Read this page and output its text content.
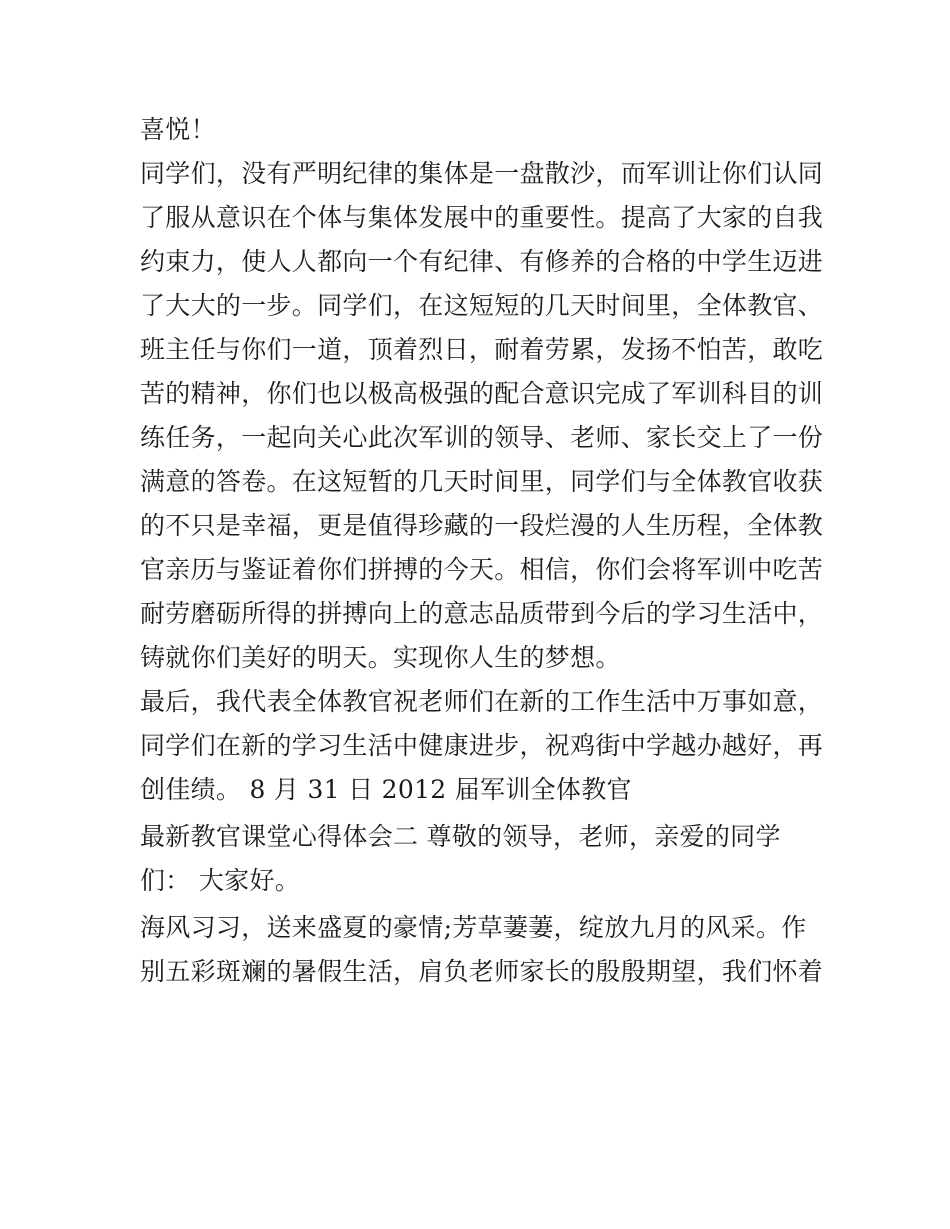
喜悦！
同学们，没有严明纪律的集体是一盘散沙，而军训让你们认同
了服从意识在个体与集体发展中的重要性。提高了大家的自我
约束力，使人人都向一个有纪律、有修养的合格的中学生迈进
了大大的一步。同学们，在这短短的几天时间里，全体教官、
班主任与你们一道，顶着烈日，耐着劳累，发扬不怕苦，敢吃
苦的精神，你们也以极高极强的配合意识完成了军训科目的训
练任务，一起向关心此次军训的领导、老师、家长交上了一份
满意的答卷。在这短暂的几天时间里，同学们与全体教官收获
的不只是幸福，更是值得珍藏的一段烂漫的人生历程，全体教
官亲历与鉴证着你们拼搏的今天。相信，你们会将军训中吃苦
耐劳磨砺所得的拼搏向上的意志品质带到今后的学习生活中，
铸就你们美好的明天。实现你人生的梦想。
最后，我代表全体教官祝老师们在新的工作生活中万事如意，
同学们在新的学习生活中健康进步，祝鸡街中学越办越好，再
创佳绩。 8 月 31 日 2012 届军训全体教官
最新教官课堂心得体会二 尊敬的领导，老师，亲爱的同学
们： 大家好。
海风习习，送来盛夏的豪情;芳草萋萋，绽放九月的风采。作
别五彩斑斓的暑假生活，肩负老师家长的殷殷期望，我们怀着
